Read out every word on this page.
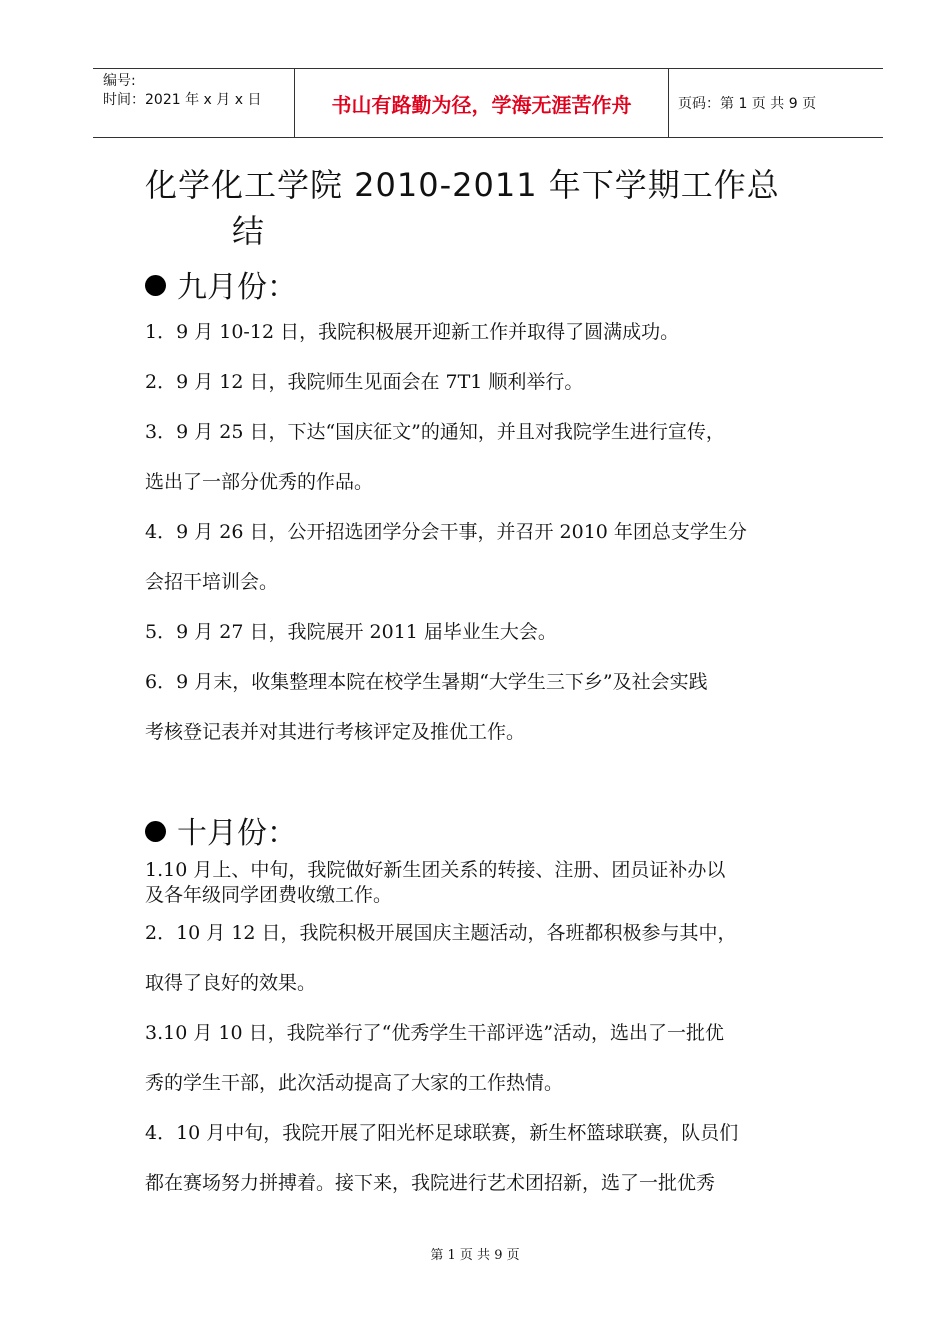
编号:
时间：2021 年 x 月 x 日	书山有路勤为径，学海无涯苦作舟	页码：第 1 页 共 9 页
化学化工学院 2010-2011 年下学期工作总
结
九月份：
1．9 月 10-12 日，我院积极展开迎新工作并取得了圆满成功。
2．9 月 12 日，我院师生见面会在 7T1 顺利举行。
3．9 月 25 日，下达“国庆征文”的通知，并且对我院学生进行宣传，
选出了一部分优秀的作品。
4．9 月 26 日，公开招选团学分会干事，并召开 2010 年团总支学生分
会招干培训会。
5．9 月 27 日，我院展开 2011 届毕业生大会。
6．9 月末，收集整理本院在校学生暑期“大学生三下乡”及社会实践
考核登记表并对其进行考核评定及推优工作。
十月份：
1.10 月上、中旬，我院做好新生团关系的转接、注册、团员证补办以
及各年级同学团费收缴工作。
2．10 月 12 日，我院积极开展国庆主题活动，各班都积极参与其中，
取得了良好的效果。
3.10 月 10 日，我院举行了“优秀学生干部评选”活动，选出了一批优
秀的学生干部，此次活动提高了大家的工作热情。
4．10 月中旬，我院开展了阳光杯足球联赛，新生杯篮球联赛，队员们
都在赛场努力拼搏着。接下来，我院进行艺术团招新，选了一批优秀
第 1 页 共 9 页
